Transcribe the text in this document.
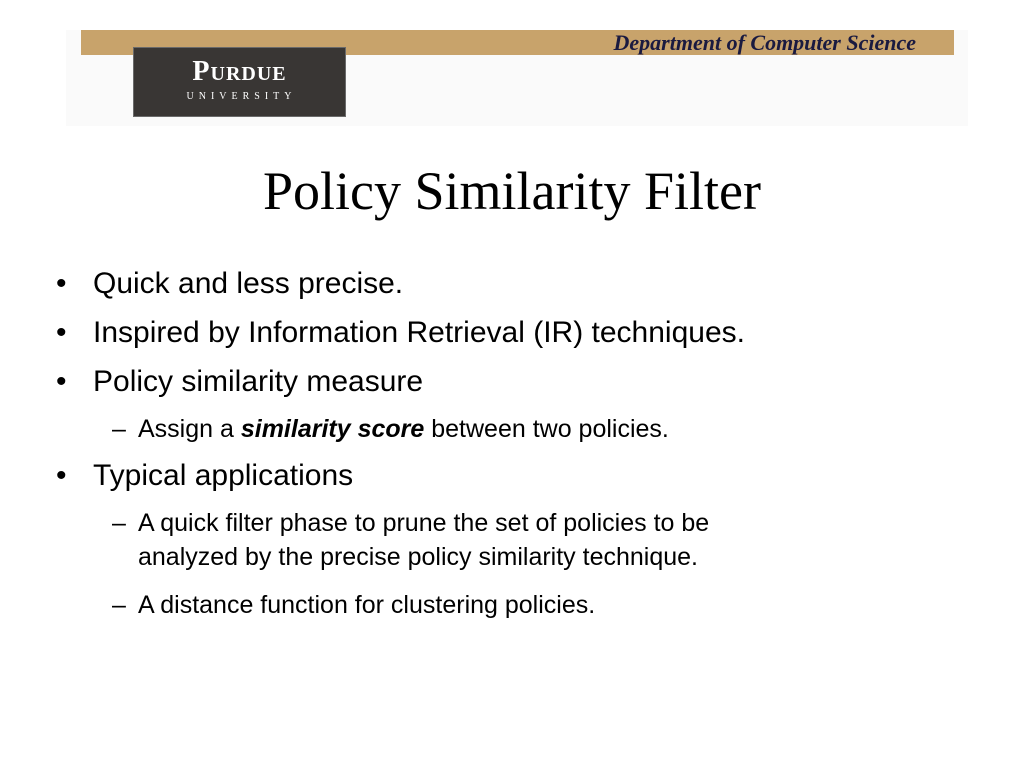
Department of Computer Science
Purdue
UNIVERSITY
Policy Similarity Filter
• Quick and less precise.
• Inspired by Information Retrieval (IR) techniques.
• Policy similarity measure
– Assign a similarity score between two policies.
• Typical applications
– A quick filter phase to prune the set of policies to be
analyzed by the precise policy similarity technique.
– A distance function for clustering policies.
